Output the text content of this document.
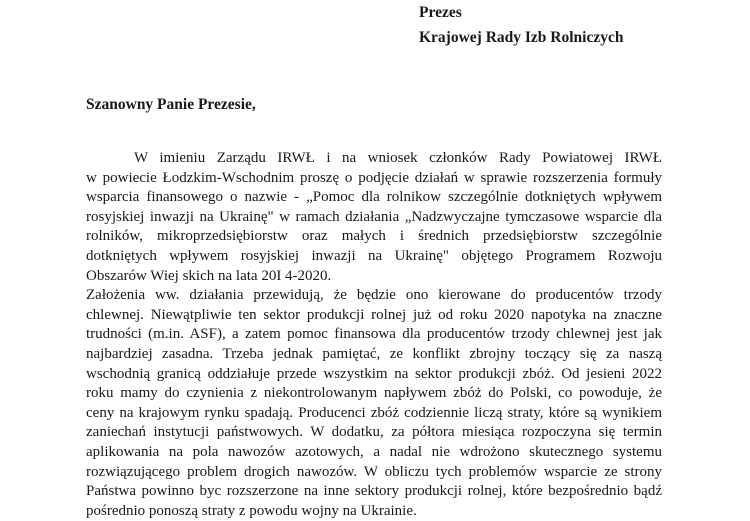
Prezes
Krajowej Rady Izb Rolniczych
Szanowny Panie Prezesie,
W imieniu Zarządu IRWŁ i na wniosek członków Rady Powiatowej IRWŁ
w powiecie Łodzkim-Wschodnim proszę o podjęcie działań w sprawie rozszerzenia formuły
wsparcia finansowego o nazwie - „Pomoc dla rolnikow szczególnie dotkniętych wpływem
rosyjskiej inwazji na Ukrainę" w ramach działania „Nadzwyczajne tymczasowe wsparcie dla
rolników, mikroprzedsiębiorstw oraz małych i średnich przedsiębiorstw szczególnie
dotkniętych wpływem rosyjskiej inwazji na Ukrainę" objętego Programem Rozwoju
Obszarów Wiej skich na lata 20I 4-2020.
Założenia ww. działania przewidują, że będzie ono kierowane do producentów trzody
chlewnej. Niewątpliwie ten sektor produkcji rolnej już od roku 2020 napotyka na znaczne
trudności (m.in. ASF), a zatem pomoc finansowa dla producentów trzody chlewnej jest jak
najbardziej zasadna. Trzeba jednak pamiętać, ze konflikt zbrojny toczący się za naszą
wschodnią granicą oddziałuje przede wszystkim na sektor produkcji zbóż. Od jesieni 2022
roku mamy do czynienia z niekontrolowanym napływem zbóż do Polski, co powoduje, że
ceny na krajowym rynku spadają. Producenci zbóż codziennie liczą straty, które są wynikiem
zaniechań instytucji państwowych. W dodatku, za półtora miesiąca rozpoczyna się termin
aplikowania na pola nawozów azotowych, a nadal nie wdrożono skutecznego systemu
rozwiązującego problem drogich nawozów. W obliczu tych problemów wsparcie ze strony
Państwa powinno byc rozszerzone na inne sektory produkcji rolnej, które bezpośrednio bądź
pośrednio ponoszą straty z powodu wojny na Ukrainie.
